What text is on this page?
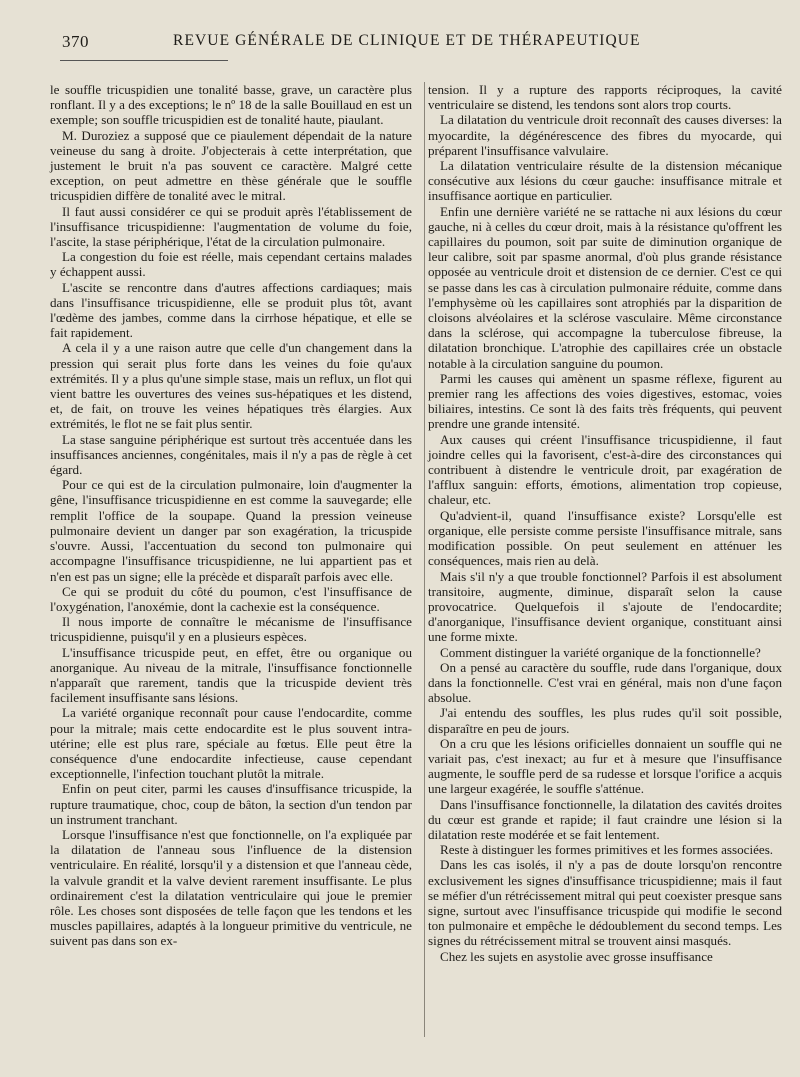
370	REVUE GÉNÉRALE DE CLINIQUE ET DE THÉRAPEUTIQUE

le souffle tricuspidien une tonalité basse, grave, un caractère plus ronflant. Il y a des exceptions; le nº 18 de la salle Bouillaud en est un exemple; son souffle tricuspidien est de tonalité haute, piaulant.

M. Duroziez a supposé que ce piaulement dépendait de la nature veineuse du sang à droite. J'objecterais à cette interprétation, que justement le bruit n'a pas souvent ce caractère. Malgré cette exception, on peut admettre en thèse générale que le souffle tricuspidien diffère de tonalité avec le mitral.

Il faut aussi considérer ce qui se produit après l'établissement de l'insuffisance tricuspidienne: l'augmentation de volume du foie, l'ascite, la stase périphérique, l'état de la circulation pulmonaire.

La congestion du foie est réelle, mais cependant certains malades y échappent aussi.

L'ascite se rencontre dans d'autres affections cardiaques; mais dans l'insuffisance tricuspidienne, elle se produit plus tôt, avant l'œdème des jambes, comme dans la cirrhose hépatique, et elle se fait rapidement.

A cela il y a une raison autre que celle d'un changement dans la pression qui serait plus forte dans les veines du foie qu'aux extrémités. Il y a plus qu'une simple stase, mais un reflux, un flot qui vient battre les ouvertures des veines sus-hépatiques et les distend, et, de fait, on trouve les veines hépatiques très élargies. Aux extrémités, le flot ne se fait plus sentir.

La stase sanguine périphérique est surtout très accentuée dans les insuffisances anciennes, congénitales, mais il n'y a pas de règle à cet égard.

Pour ce qui est de la circulation pulmonaire, loin d'augmenter la gêne, l'insuffisance tricuspidienne en est comme la sauvegarde; elle remplit l'office de la soupape. Quand la pression veineuse pulmonaire devient un danger par son exagération, la tricuspide s'ouvre. Aussi, l'accentuation du second ton pulmonaire qui accompagne l'insuffisance tricuspidienne, ne lui appartient pas et n'en est pas un signe; elle la précède et disparaît parfois avec elle.

Ce qui se produit du côté du poumon, c'est l'insuffisance de l'oxygénation, l'anoxémie, dont la cachexie est la conséquence.

Il nous importe de connaître le mécanisme de l'insuffisance tricuspidienne, puisqu'il y en a plusieurs espèces.

L'insuffisance tricuspide peut, en effet, être ou organique ou anorganique. Au niveau de la mitrale, l'insuffisance fonctionnelle n'apparaît que rarement, tandis que la tricuspide devient très facilement insuffisante sans lésions.

La variété organique reconnaît pour cause l'endocardite, comme pour la mitrale; mais cette endocardite est le plus souvent intra-utérine; elle est plus rare, spéciale au fœtus. Elle peut être la conséquence d'une endocardite infectieuse, cause cependant exceptionnelle, l'infection touchant plutôt la mitrale.

Enfin on peut citer, parmi les causes d'insuffisance tricuspide, la rupture traumatique, choc, coup de bâton, la section d'un tendon par un instrument tranchant.

Lorsque l'insuffisance n'est que fonctionnelle, on l'a expliquée par la dilatation de l'anneau sous l'influence de la distension ventriculaire. En réalité, lorsqu'il y a distension et que l'anneau cède, la valvule grandit et la valve devient rarement insuffisante. Le plus ordinairement c'est la dilatation ventriculaire qui joue le premier rôle. Les choses sont disposées de telle façon que les tendons et les muscles papillaires, adaptés à la longueur primitive du ventricule, ne suivent pas dans son ex-

tension. Il y a rupture des rapports réciproques, la cavité ventriculaire se distend, les tendons sont alors trop courts.

La dilatation du ventricule droit reconnaît des causes diverses: la myocardite, la dégénérescence des fibres du myocarde, qui préparent l'insuffisance valvulaire.

La dilatation ventriculaire résulte de la distension mécanique consécutive aux lésions du cœur gauche: insuffisance mitrale et insuffisance aortique en particulier.

Enfin une dernière variété ne se rattache ni aux lésions du cœur gauche, ni à celles du cœur droit, mais à la résistance qu'offrent les capillaires du poumon, soit par suite de diminution organique de leur calibre, soit par spasme anormal, d'où plus grande résistance opposée au ventricule droit et distension de ce dernier. C'est ce qui se passe dans les cas à circulation pulmonaire réduite, comme dans l'emphysème où les capillaires sont atrophiés par la disparition de cloisons alvéolaires et la sclérose vasculaire. Même circonstance dans la sclérose, qui accompagne la tuberculose fibreuse, la dilatation bronchique. L'atrophie des capillaires crée un obstacle notable à la circulation sanguine du poumon.

Parmi les causes qui amènent un spasme réflexe, figurent au premier rang les affections des voies digestives, estomac, voies biliaires, intestins. Ce sont là des faits très fréquents, qui peuvent prendre une grande intensité.

Aux causes qui créent l'insuffisance tricuspidienne, il faut joindre celles qui la favorisent, c'est-à-dire des circonstances qui contribuent à distendre le ventricule droit, par exagération de l'afflux sanguin: efforts, émotions, alimentation trop copieuse, chaleur, etc.

Qu'advient-il, quand l'insuffisance existe? Lorsqu'elle est organique, elle persiste comme persiste l'insuffisance mitrale, sans modification possible. On peut seulement en atténuer les conséquences, mais rien au delà.

Mais s'il n'y a que trouble fonctionnel? Parfois il est absolument transitoire, augmente, diminue, disparaît selon la cause provocatrice. Quelquefois il s'ajoute de l'endocardite; d'anorganique, l'insuffisance devient organique, constituant ainsi une forme mixte.

Comment distinguer la variété organique de la fonctionnelle?

On a pensé au caractère du souffle, rude dans l'organique, doux dans la fonctionnelle. C'est vrai en général, mais non d'une façon absolue.

J'ai entendu des souffles, les plus rudes qu'il soit possible, disparaître en peu de jours.

On a cru que les lésions orificielles donnaient un souffle qui ne variait pas, c'est inexact; au fur et à mesure que l'insuffisance augmente, le souffle perd de sa rudesse et lorsque l'orifice a acquis une largeur exagérée, le souffle s'atténue.

Dans l'insuffisance fonctionnelle, la dilatation des cavités droites du cœur est grande et rapide; il faut craindre une lésion si la dilatation reste modérée et se fait lentement.

Reste à distinguer les formes primitives et les formes associées.

Dans les cas isolés, il n'y a pas de doute lorsqu'on rencontre exclusivement les signes d'insuffisance tricuspidienne; mais il faut se méfier d'un rétrécissement mitral qui peut coexister presque sans signe, surtout avec l'insuffisance tricuspide qui modifie le second ton pulmonaire et empêche le dédoublement du second temps. Les signes du rétrécissement mitral se trouvent ainsi masqués.

Chez les sujets en asystolie avec grosse insuffisance
